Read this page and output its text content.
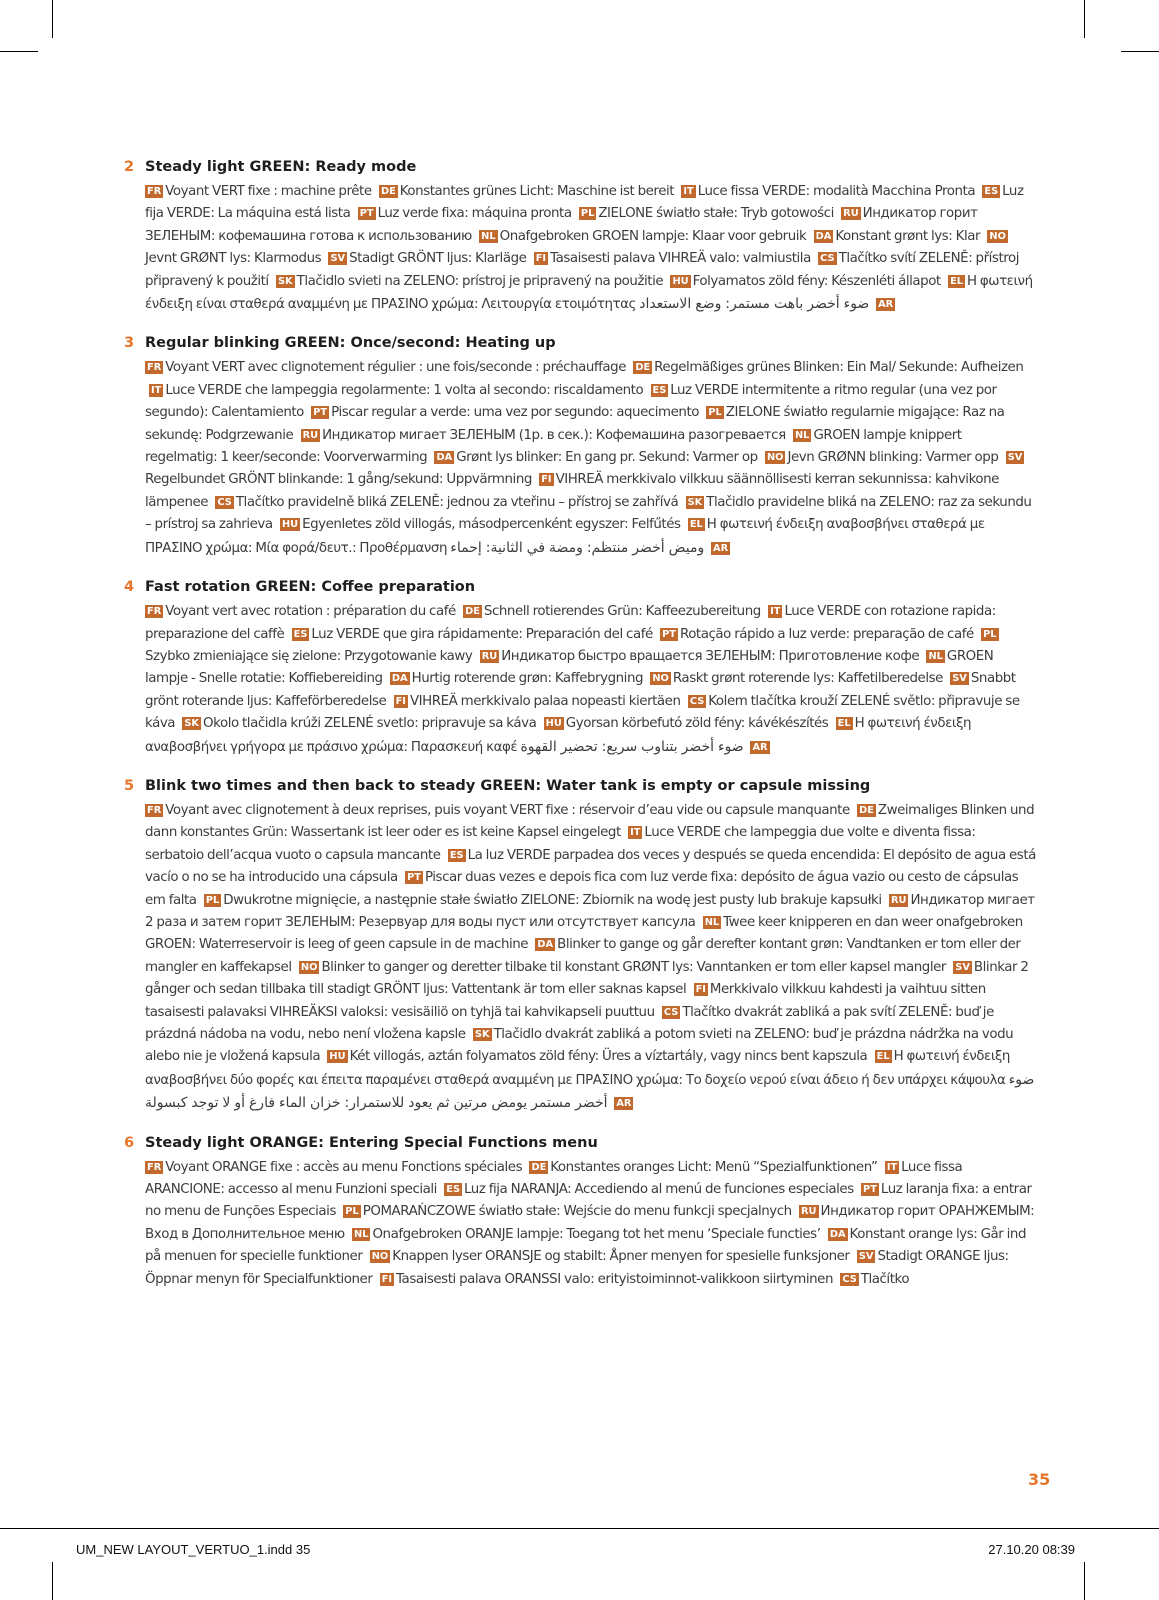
2 Steady light GREEN: Ready mode
FR Voyant VERT fixe : machine prête DE Konstantes grünes Licht: Maschine ist bereit IT Luce fissa VERDE: modalità Macchina Pronta ES Luz fija VERDE: La máquina está lista PT Luz verde fixa: máquina pronta PL ZIELONE światło stałe: Tryb gotowości RU Индикатор горит ЗЕЛЕНЫМ: кофемашина готова к использованию NL Onafgebroken GROEN lampje: Klaar voor gebruik DA Konstant grønt lys: Klar NOJevnt GRØNT lys: Klarmodus SV Stadigt GRÖNT ljus: Klarläge FI Tasaisesti palava VIHREÄ valo: valmiustila CS Tlačítko svítí ZELENĚ: přístroj připravený k použití SK Tlačidlo svieti na ZELENO: prístroj je pripravený na použitie HU Folyamatos zöld fény: Készenléti állapot EL Η φωτεινή ένδειξη είναι σταθερά αναμμένη με ΠΡΑΣΙΝΟ χρώμα: Λειτουργία ετοιμότητας ضوء أخضر باهت مستمر: وضع الاستعداد AR
3 Regular blinking GREEN: Once/second: Heating up
FR Voyant VERT avec clignotement régulier : une fois/seconde : préchauffage DE Regelmäßiges grünes Blinken: Ein Mal/ Sekunde: Aufheizen IT Luce VERDE che lampeggia regolarmente: 1 volta al secondo: riscaldamento ES Luz VERDE intermitente a ritmo regular (una vez por segundo): Calentamiento PT Piscar regular a verde: uma vez por segundo: aquecimento PL ZIELONE światło regularnie migające: Raz na sekundę: Podgrzewanie RU Индикатор мигает ЗЕЛЕНЫМ (1р. в сек.): Кофемашина разогревается NL GROEN lampje knippert regelmatig: 1 keer/seconde: Voorverwarming DA Grønt lys blinker: En gang pr. Sekund: Varmer op NO Jevn GRØNN blinking: Varmer opp SVRegelbundet GRÖNT blinkande: 1 gång/sekund: Uppvärmning FI VIHREÄ merkkivalo vilkkuu säännöllisesti kerran sekunnissa: kahvikone lämpenee CS Tlačítko pravidelně bliká ZELENĚ: jednou za vteřinu – přístroj se zahřívá SK Tlačidlo pravidelne bliká na ZELENO: raz za sekundu – prístroj sa zahrieva HU Egyenletes zöld villogás, másodpercenként egyszer: Felfűtés EL Η φωτεινή ένδειξη αναβοσβήνει σταθερά με ΠΡΑΣΙΝΟ χρώμα: Μία φορά/δευτ.: Προθέρμανση وميض أخضر منتظم: ومضة في الثانية: إحماء AR
4 Fast rotation GREEN: Coffee preparation
FR Voyant vert avec rotation : préparation du café DE Schnell rotierendes Grün: Kaffeezubereitung IT Luce VERDE con rotazione rapida: preparazione del caffè ES Luz VERDE que gira rápidamente: Preparación del café PT Rotação rápido a luz verde: preparação de café PLSzybko zmieniające się zielone: Przygotowanie kawy RU Индикатор быстро вращается ЗЕЛЕНЫМ: Приготовление кофе NL GROEN lampje - Snelle rotatie: Koffiebereiding DA Hurtig roterende grøn: Kaffebrygning NO Raskt grønt roterende lys: Kaffetilberedelse SV Snabbt grönt roterande ljus: Kaffeförberedelse FI VIHREÄ merkkivalo palaa nopeasti kiertäen CS Kolem tlačítka krouží ZELENÉ světlo: připravuje se káva SK Okolo tlačidla krúži ZELENÉ svetlo: pripravuje sa káva HU Gyorsan körbefutó zöld fény: kávékészítés EL Η φωτεινή ένδειξη αναβοσβήνει γρήγορα με πράσινο χρώμα: Παρασκευή καφέ ضوء أخضر بتناوب سريع: تحضير القهوة AR
5 Blink two times and then back to steady GREEN: Water tank is empty or capsule missing
FR Voyant avec clignotement à deux reprises, puis voyant VERT fixe : réservoir d’eau vide ou capsule manquante DE Zweimaliges Blinken und dann konstantes Grün: Wassertank ist leer oder es ist keine Kapsel eingelegt IT Luce VERDE che lampeggia due volte e diventa fissa: serbatoio dell’acqua vuoto o capsula mancante ES La luz VERDE parpadea dos veces y después se queda encendida: El depósito de agua está vacío o no se ha introducido una cápsula PT Piscar duas vezes e depois fica com luz verde fixa: depósito de água vazio ou cesto de cápsulas em falta PL Dwukrotne mignięcie, a następnie stałe światło ZIELONE: Zbiornik na wodę jest pusty lub brakuje kapsułki RU Индикатор мигает 2 раза и затем горит ЗЕЛЕНЫМ: Резервуар для воды пуст или отсутствует капсула NL Twee keer knipperen en dan weer onafgebroken GROEN: Waterreservoir is leeg of geen capsule in de machine DA Blinker to gange og går derefter kontant grøn: Vandtanken er tom eller der mangler en kaffekapsel NO Blinker to ganger og deretter tilbake til konstant GRØNT lys: Vanntanken er tom eller kapsel mangler SV Blinkar 2 gånger och sedan tillbaka till stadigt GRÖNT ljus: Vattentank är tom eller saknas kapsel FI Merkkivalo vilkkuu kahdesti ja vaihtuu sitten tasaisesti palavaksi VIHREÄKSI valoksi: vesisäiliö on tyhjä tai kahvikapseli puuttuu CS Tlačítko dvakrát zabliká a pak svítí ZELENĚ: buď je prázdná nádoba na vodu, nebo není vložena kapsle SK Tlačidlo dvakrát zabliká a potom svieti na ZELENO: buď je prázdna nádržka na vodu alebo nie je vložená kapsula HU Két villogás, aztán folyamatos zöld fény: Üres a víztartály, vagy nincs bent kapszula EL Η φωτεινή ένδειξη αναβοσβήνει δύο φορές και έπειτα παραμένει σταθερά αναμμένη με ΠΡΑΣΙΝΟ χρώμα: Το δοχείο νερού είναι άδειο ή δεν υπάρχει κάψουλα ضوء أخضر مستمر يومض مرتين ثم يعود للاستمرار: خزان الماء فارغ أو لا توجد كبسولة AR
6 Steady light ORANGE: Entering Special Functions menu
FR Voyant ORANGE fixe : accès au menu Fonctions spéciales DE Konstantes oranges Licht: Menü “Spezialfunktionen” IT Luce fissa ARANCIONE: accesso al menu Funzioni speciali ES Luz fija NARANJA: Accediendo al menú de funciones especiales PT Luz laranja fixa: a entrar no menu de Funções Especiais PL POMARAŃCZOWE światło stałe: Wejście do menu funkcji specjalnych RU Индикатор горит ОРАНЖЕМЫМ: Вход в Дополнительное меню NL Onafgebroken ORANJE lampje: Toegang tot het menu ‘Speciale functies’ DA Konstant orange lys: Går ind på menuen for specielle funktioner NO Knappen lyser ORANSJE og stabilt: Åpner menyen for spesielle funksjoner SV Stadigt ORANGE ljus: Öppnar menyn för Specialfunktioner FI Tasaisesti palava ORANSSI valo: erityistoiminnot-valikkoon siirtyminen CS Tlačítko
35
UM_NEW LAYOUT_VERTUO_1.indd 35	27.10.20 08:39
